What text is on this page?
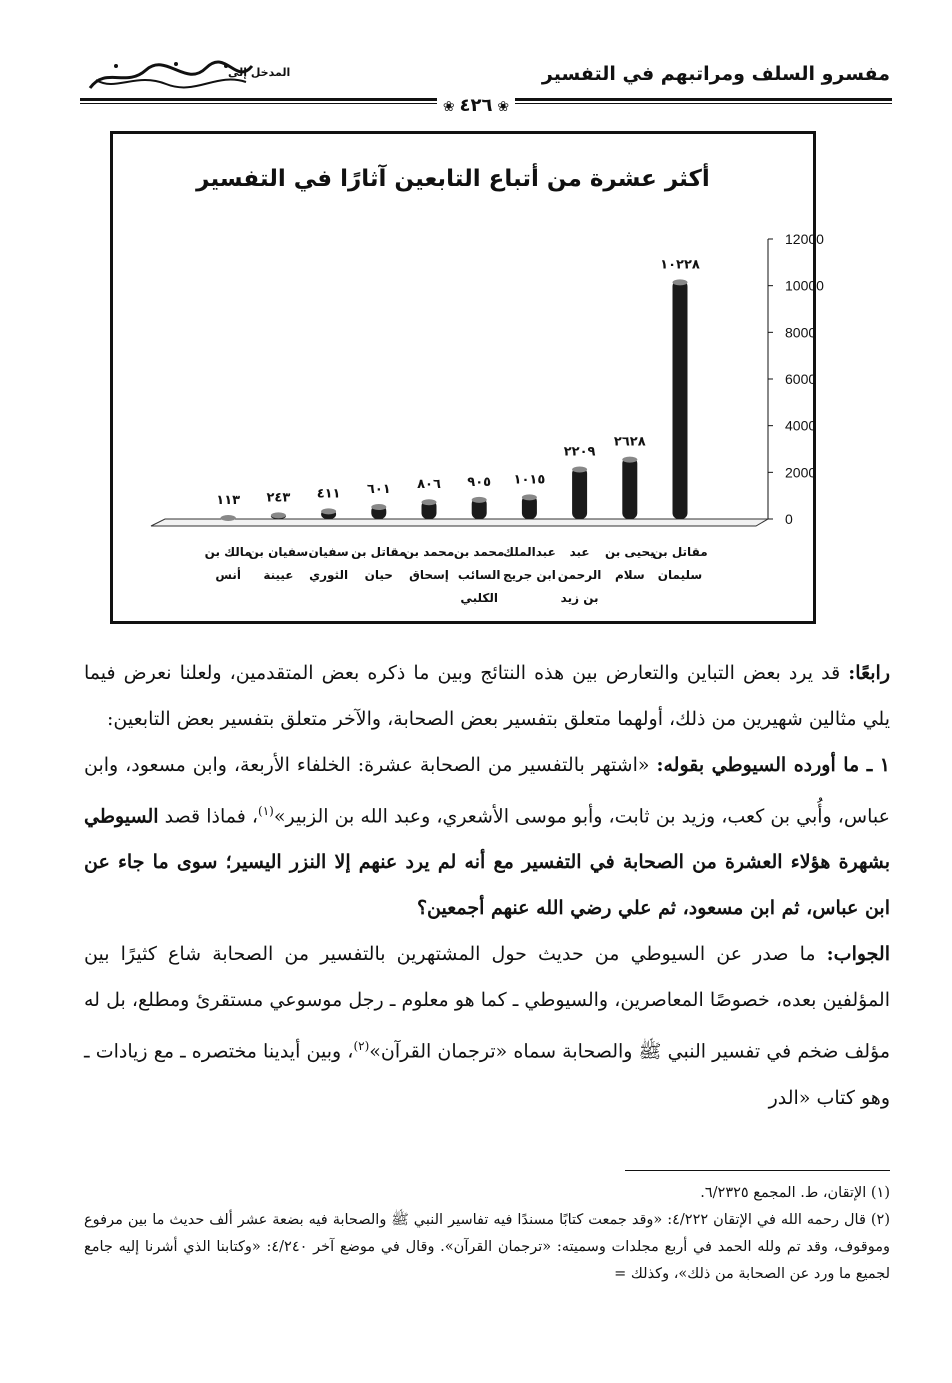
مفسرو السلف ومراتبهم في التفسير
المدخل إلى
❀ ٤٢٦ ❀
أكثر عشرة من أتباع التابعين آثارًا في التفسير
0
2000
4000
6000
8000
10000
12000
١٠٢٢٨
٢٦٢٨
٢٢٠٩
١٠١٥
٩٠٥
٨٠٦
٦٠١
٤١١
٢٤٣
١١٣
مقاتل بن
سليمان
يحيى بن
سلام
عبد
الرحمن
بن زيد
عبدالملك
ابن جريج
محمد بن
السائب
الكلبي
محمد بن
إسحاق
مقاتل بن
حيان
سفيان
الثوري
سفيان بن
عيينة
مالك بن
أنس

رابعًا: قد يرد بعض التباين والتعارض بين هذه النتائج وبين ما ذكره بعض المتقدمين، ولعلنا نعرض فيما يلي مثالين شهيرين من ذلك، أولهما متعلق بتفسير بعض الصحابة، والآخر متعلق بتفسير بعض التابعين:

١ ـ ما أورده السيوطي بقوله: «اشتهر بالتفسير من الصحابة عشرة: الخلفاء الأربعة، وابن مسعود، وابن عباس، وأُبي بن كعب، وزيد بن ثابت، وأبو موسى الأشعري، وعبد الله بن الزبير»$^{(١)}$، فماذا قصد السيوطي بشهرة هؤلاء العشرة من الصحابة في التفسير مع أنه لم يرد عنهم إلا النزر اليسير؛ سوى ما جاء عن ابن عباس، ثم ابن مسعود، ثم علي رضي الله عنهم أجمعين؟

الجواب: ما صدر عن السيوطي من حديث حول المشتهرين بالتفسير من الصحابة شاع كثيرًا بين المؤلفين بعده، خصوصًا المعاصرين، والسيوطي ـ كما هو معلوم ـ رجل موسوعي مستقرئ ومطلع، بل له مؤلف ضخم في تفسير النبي ﷺ والصحابة سماه «ترجمان القرآن»$^{(٢)}$، وبين أيدينا مختصره ـ مع زيادات ـ وهو كتاب «الدر

(١) الإتقان، ط. المجمع ٦/٢٣٢٥.

(٢) قال رحمه الله في الإتقان ٤/٢٢٢: «وقد جمعت كتابًا مسندًا فيه تفاسير النبي ﷺ والصحابة فيه بضعة عشر ألف حديث ما بين مرفوع وموقوف، وقد تم ولله الحمد في أربع مجلدات وسميته: «ترجمان القرآن». وقال في موضع آخر ٤/٢٤٠: «وكتابنا الذي أشرنا إليه جامع لجميع ما ورد عن الصحابة من ذلك»، وكذلك =
